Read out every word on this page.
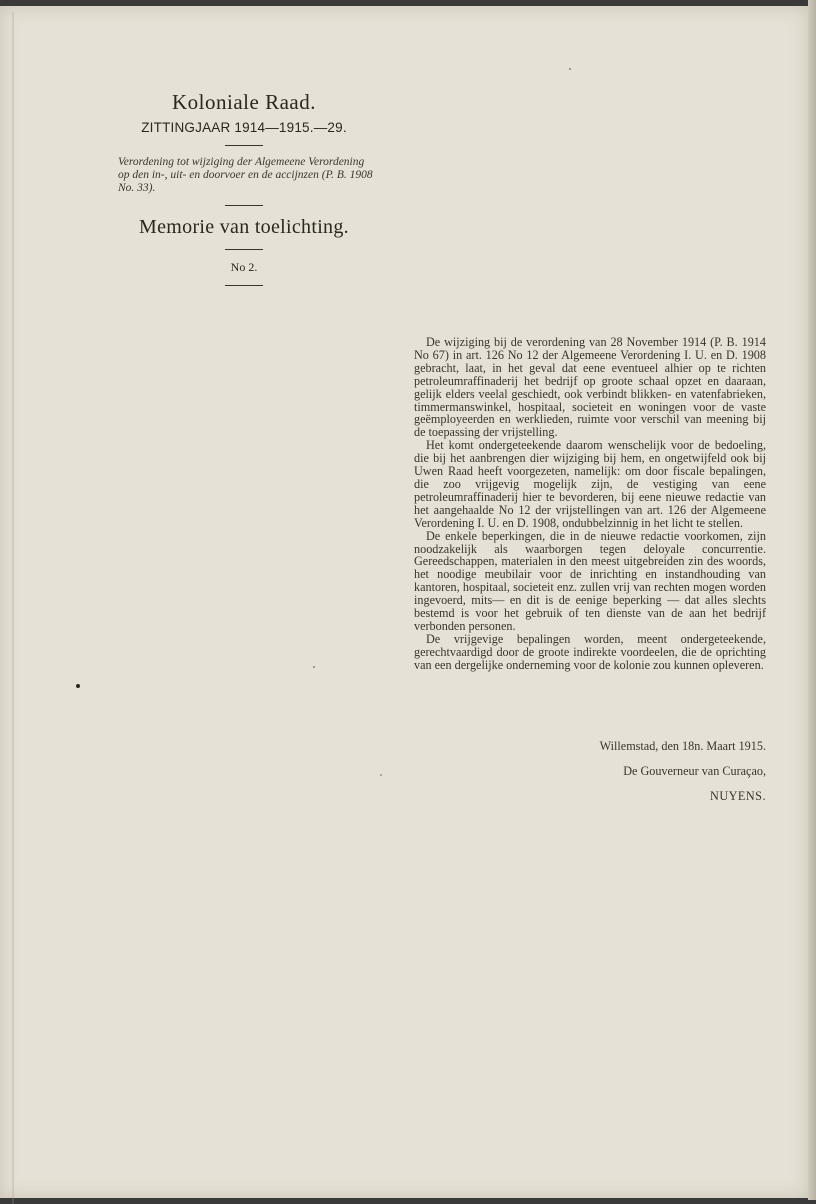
Koloniale Raad.
ZITTINGJAAR 1914—1915.—29.
Verordening tot wijziging der Algemeene Verordening op den in-, uit- en doorvoer en de accijnzen (P. B. 1908 No. 33).
Memorie van toelichting.
No 2.

De wijziging bij de verordening van 28 November 1914 (P. B. 1914 No 67) in art. 126 No 12 der Algemeene Verordening I. U. en D. 1908 gebracht, laat, in het geval dat eene eventueel alhier op te richten petroleumraffinaderij het bedrijf op groote schaal opzet en daaraan, gelijk elders veelal geschiedt, ook verbindt blikken- en vatenfabrieken, timmermanswinkel, hospitaal, societeit en woningen voor de vaste geëmployeerden en werklieden, ruimte voor verschil van meening bij de toepassing der vrijstelling.

Het komt ondergeteekende daarom wenschelijk voor de bedoeling, die bij het aanbrengen dier wijziging bij hem, en ongetwijfeld ook bij Uwen Raad heeft voorgezeten, namelijk: om door fiscale bepalingen, die zoo vrijgevig mogelijk zijn, de vestiging van eene petroleumraffinaderij hier te bevorderen, bij eene nieuwe redactie van het aangehaalde No 12 der vrijstellingen van art. 126 der Algemeene Verordening I. U. en D. 1908, ondubbelzinnig in het licht te stellen.

De enkele beperkingen, die in de nieuwe redactie voorkomen, zijn noodzakelijk als waarborgen tegen deloyale concurrentie. Gereedschappen, materialen in den meest uitgebreiden zin des woords, het noodige meubilair voor de inrichting en instandhouding van kantoren, hospitaal, societeit enz. zullen vrij van rechten mogen worden ingevoerd, mits— en dit is de eenige beperking — dat alles slechts bestemd is voor het gebruik of ten dienste van de aan het bedrijf verbonden personen.

De vrijgevige bepalingen worden, meent ondergeteekende, gerechtvaardigd door de groote indirekte voordeelen, die de oprichting van een dergelijke onderneming voor de kolonie zou kunnen opleveren.

Willemstad, den 18n. Maart 1915.
De Gouverneur van Curaçao,
NUYENS.
